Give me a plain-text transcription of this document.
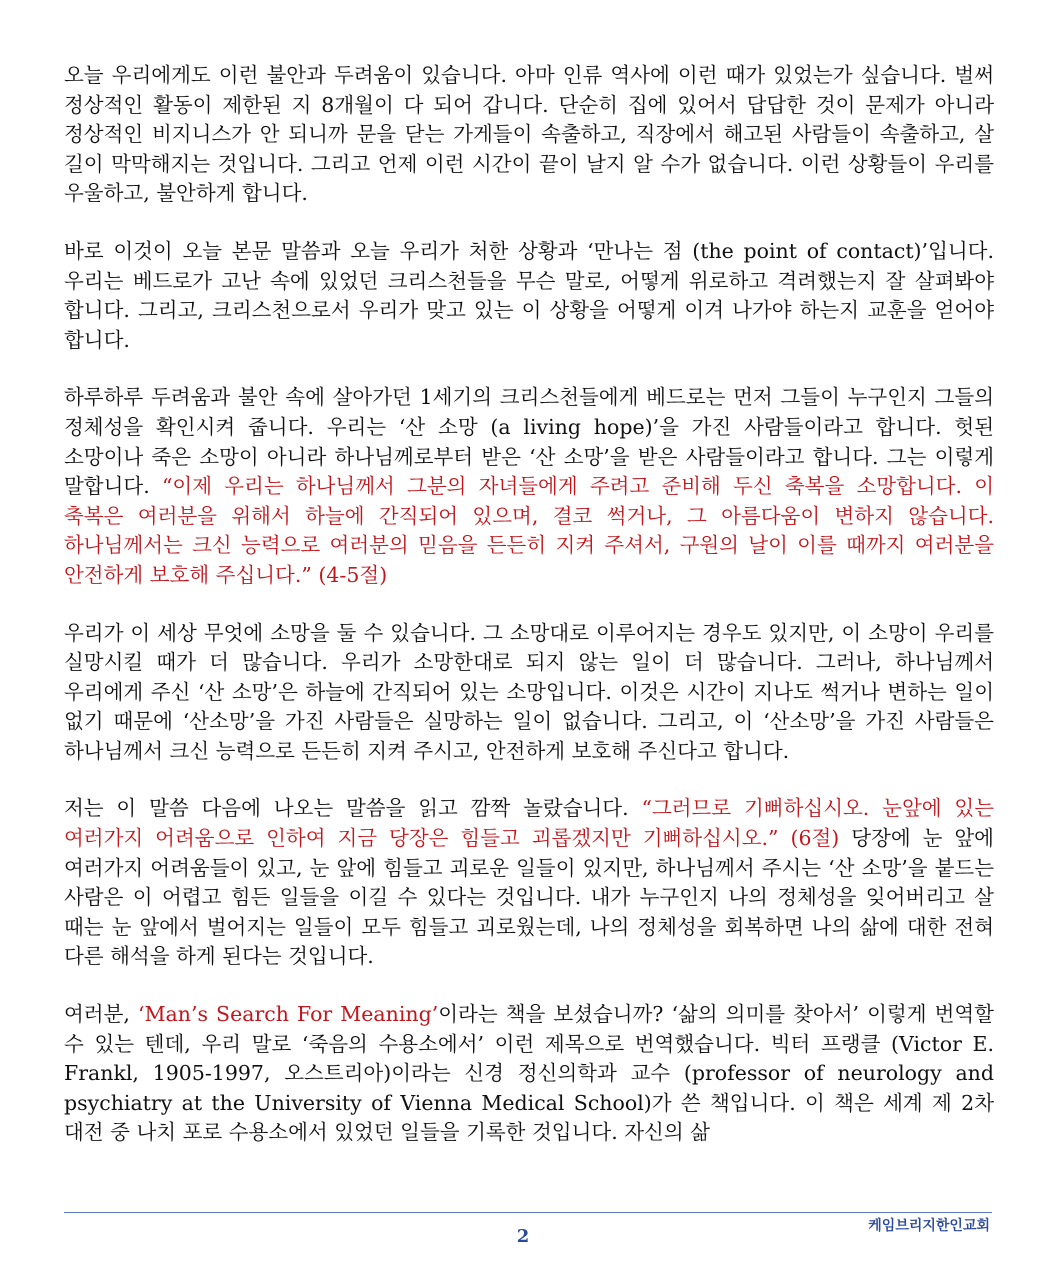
오늘 우리에게도 이런 불안과 두려움이 있습니다. 아마 인류 역사에 이런 때가 있었는가 싶습니다. 벌써 정상적인 활동이 제한된 지 8개월이 다 되어 갑니다. 단순히 집에 있어서 답답한 것이 문제가 아니라 정상적인 비지니스가 안 되니까 문을 닫는 가게들이 속출하고, 직장에서 해고된 사람들이 속출하고, 살 길이 막막해지는 것입니다. 그리고 언제 이런 시간이 끝이 날지 알 수가 없습니다. 이런 상황들이 우리를 우울하고, 불안하게 합니다.

바로 이것이 오늘 본문 말씀과 오늘 우리가 처한 상황과 ‘만나는 점 (the point of contact)’입니다. 우리는 베드로가 고난 속에 있었던 크리스천들을 무슨 말로, 어떻게 위로하고 격려했는지 잘 살펴봐야 합니다. 그리고, 크리스천으로서 우리가 맞고 있는 이 상황을 어떻게 이겨 나가야 하는지 교훈을 얻어야 합니다.

하루하루 두려움과 불안 속에 살아가던 1세기의 크리스천들에게 베드로는 먼저 그들이 누구인지 그들의 정체성을 확인시켜 줍니다. 우리는 ‘산 소망 (a living hope)’을 가진 사람들이라고 합니다. 헛된 소망이나 죽은 소망이 아니라 하나님께로부터 받은 ‘산 소망’을 받은 사람들이라고 합니다. 그는 이렇게 말합니다. “이제 우리는 하나님께서 그분의 자녀들에게 주려고 준비해 두신 축복을 소망합니다. 이 축복은 여러분을 위해서 하늘에 간직되어 있으며, 결코 썩거나, 그 아름다움이 변하지 않습니다. 하나님께서는 크신 능력으로 여러분의 믿음을 든든히 지켜 주셔서, 구원의 날이 이를 때까지 여러분을 안전하게 보호해 주십니다.” (4-5절)

우리가 이 세상 무엇에 소망을 둘 수 있습니다. 그 소망대로 이루어지는 경우도 있지만, 이 소망이 우리를 실망시킬 때가 더 많습니다. 우리가 소망한대로 되지 않는 일이 더 많습니다. 그러나, 하나님께서 우리에게 주신 ‘산 소망’은 하늘에 간직되어 있는 소망입니다. 이것은 시간이 지나도 썩거나 변하는 일이 없기 때문에 ‘산소망’을 가진 사람들은 실망하는 일이 없습니다. 그리고, 이 ‘산소망’을 가진 사람들은 하나님께서 크신 능력으로 든든히 지켜 주시고, 안전하게 보호해 주신다고 합니다.

저는 이 말씀 다음에 나오는 말씀을 읽고 깜짝 놀랐습니다. “그러므로 기뻐하십시오. 눈앞에 있는 여러가지 어려움으로 인하여 지금 당장은 힘들고 괴롭겠지만 기뻐하십시오.” (6절) 당장에 눈 앞에 여러가지 어려움들이 있고, 눈 앞에 힘들고 괴로운 일들이 있지만, 하나님께서 주시는 ‘산 소망’을 붙드는 사람은 이 어렵고 힘든 일들을 이길 수 있다는 것입니다. 내가 누구인지 나의 정체성을 잊어버리고 살 때는 눈 앞에서 벌어지는 일들이 모두 힘들고 괴로웠는데, 나의 정체성을 회복하면 나의 삶에 대한 전혀 다른 해석을 하게 된다는 것입니다.

여러분, ‘Man’s Search For Meaning’이라는 책을 보셨습니까? ‘삶의 의미를 찾아서’ 이렇게 번역할 수 있는 텐데, 우리 말로 ‘죽음의 수용소에서’ 이런 제목으로 번역했습니다. 빅터 프랭클 (Victor E. Frankl, 1905-1997, 오스트리아)이라는 신경 정신의학과 교수 (professor of neurology and psychiatry at the University of Vienna Medical School)가 쓴 책입니다. 이 책은 세계 제 2차 대전 중 나치 포로 수용소에서 있었던 일들을 기록한 것입니다. 자신의 삶

케임브리지한인교회
2
